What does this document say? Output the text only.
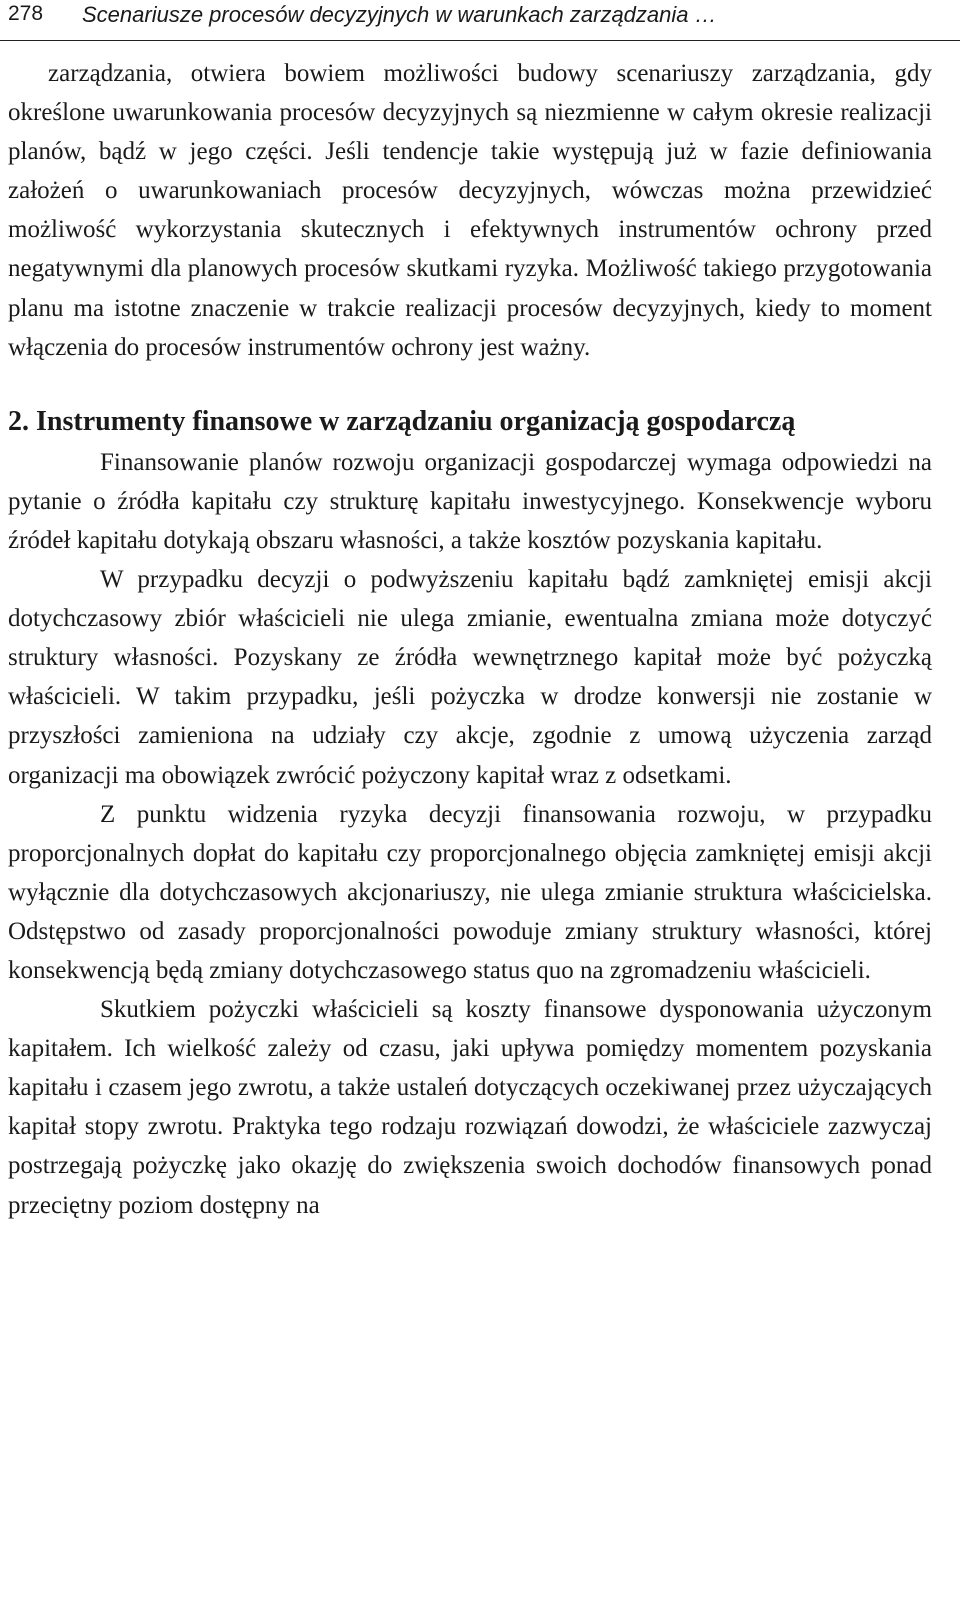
278 Scenariusze procesów decyzyjnych w warunkach zarządzania …

zarządzania, otwiera bowiem możliwości budowy scenariuszy zarządzania, gdy określone uwarunkowania procesów decyzyjnych są niezmienne w całym okresie realizacji planów, bądź w jego części. Jeśli tendencje takie występują już w fazie definiowania założeń o uwarunkowaniach procesów decyzyjnych, wówczas można przewidzieć możliwość wykorzystania skutecznych i efektywnych instrumentów ochrony przed negatywnymi dla planowych procesów skutkami ryzyka. Możliwość takiego przygotowania planu ma istotne znaczenie w trakcie realizacji procesów decyzyjnych, kiedy to moment włączenia do procesów instrumentów ochrony jest ważny.

2. Instrumenty finansowe w zarządzaniu organizacją gospodarczą

Finansowanie planów rozwoju organizacji gospodarczej wymaga odpowiedzi na pytanie o źródła kapitału czy strukturę kapitału inwestycyjnego. Konsekwencje wyboru źródeł kapitału dotykają obszaru własności, a także kosztów pozyskania kapitału.

W przypadku decyzji o podwyższeniu kapitału bądź zamkniętej emisji akcji dotychczasowy zbiór właścicieli nie ulega zmianie, ewentualna zmiana może dotyczyć struktury własności. Pozyskany ze źródła wewnętrznego kapitał może być pożyczką właścicieli. W takim przypadku, jeśli pożyczka w drodze konwersji nie zostanie w przyszłości zamieniona na udziały czy akcje, zgodnie z umową użyczenia zarząd organizacji ma obowiązek zwrócić pożyczony kapitał wraz z odsetkami.

Z punktu widzenia ryzyka decyzji finansowania rozwoju, w przypadku proporcjonalnych dopłat do kapitału czy proporcjonalnego objęcia zamkniętej emisji akcji wyłącznie dla dotychczasowych akcjonariuszy, nie ulega zmianie struktura właścicielska. Odstępstwo od zasady proporcjonalności powoduje zmiany struktury własności, której konsekwencją będą zmiany dotychczasowego status quo na zgromadzeniu właścicieli.

Skutkiem pożyczki właścicieli są koszty finansowe dysponowania użyczonym kapitałem. Ich wielkość zależy od czasu, jaki upływa pomiędzy momentem pozyskania kapitału i czasem jego zwrotu, a także ustaleń dotyczących oczekiwanej przez użyczających kapitał stopy zwrotu. Praktyka tego rodzaju rozwiązań dowodzi, że właściciele zazwyczaj postrzegają pożyczkę jako okazję do zwiększenia swoich dochodów finansowych ponad przeciętny poziom dostępny na
